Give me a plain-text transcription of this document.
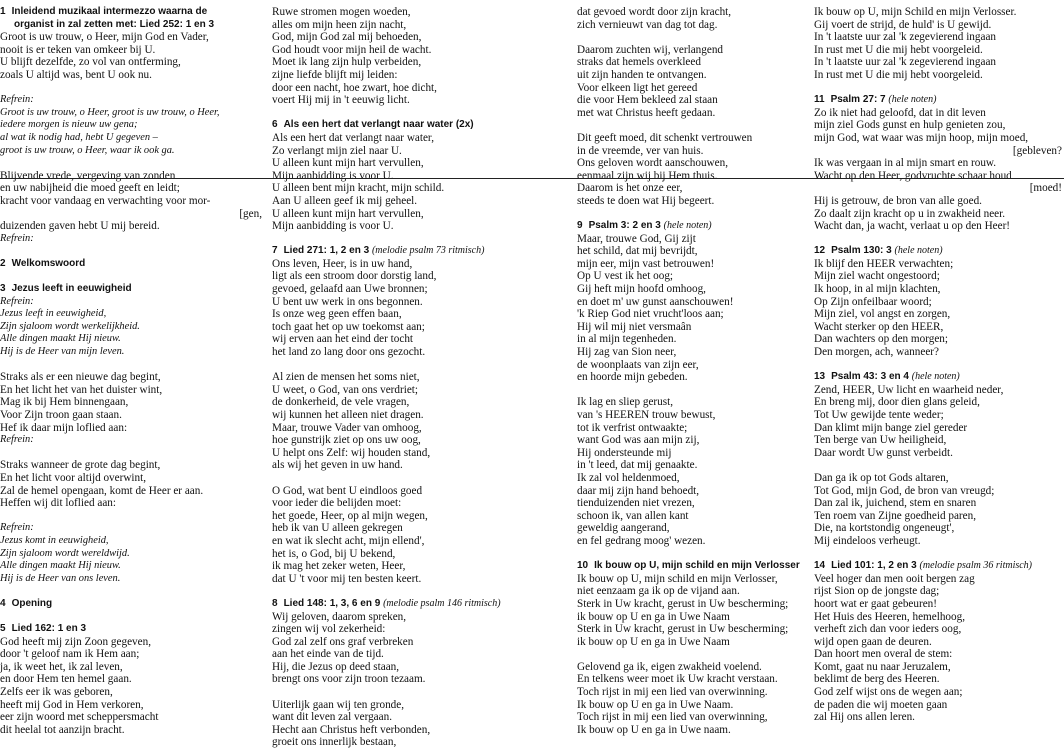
1 Inleidend muzikaal intermezzo waarna de
organist in zal zetten met: Lied 252: 1 en 3
Groot is uw trouw, o Heer, mijn God en Vader,
nooit is er teken van omkeer bij U.
U blijft dezelfde, zo vol van ontferming,
zoals U altijd was, bent U ook nu.
Refrein:
Groot is uw trouw, o Heer, groot is uw trouw, o Heer,
iedere morgen is nieuw uw gena;
al wat ik nodig had, hebt U gegeven –
groot is uw trouw, o Heer, waar ik ook ga.
Blijvende vrede, vergeving van zonden
en uw nabijheid die moed geeft en leidt;
kracht voor vandaag en verwachting voor mor-
[gen,
duizenden gaven hebt U mij bereid.
Refrein:
2 Welkomswoord
3 Jezus leeft in eeuwigheid
Refrein:
Jezus leeft in eeuwigheid,
Zijn sjaloom wordt werkelijkheid.
Alle dingen maakt Hij nieuw.
Hij is de Heer van mijn leven.
Straks als er een nieuwe dag begint,
En het licht het van het duister wint,
Mag ik bij Hem binnengaan,
Voor Zijn troon gaan staan.
Hef ik daar mijn loflied aan:
Refrein:
Straks wanneer de grote dag begint,
En het licht voor altijd overwint,
Zal de hemel opengaan, komt de Heer er aan.
Heffen wij dit loflied aan:
Refrein:
Jezus komt in eeuwigheid,
Zijn sjaloom wordt wereldwijd.
Alle dingen maakt Hij nieuw.
Hij is de Heer van ons leven.
4 Opening
5 Lied 162: 1 en 3
God heeft mij zijn Zoon gegeven,
door 't geloof nam ik Hem aan;
ja, ik weet het, ik zal leven,
en door Hem ten hemel gaan.
Zelfs eer ik was geboren,
heeft mij God in Hem verkoren,
eer zijn woord met scheppersmacht
dit heelal tot aanzijn bracht.
Ruwe stromen mogen woeden,
alles om mijn heen zijn nacht,
God, mijn God zal mij behoeden,
God houdt voor mijn heil de wacht.
Moet ik lang zijn hulp verbeiden,
zijne liefde blijft mij leiden:
door een nacht, hoe zwart, hoe dicht,
voert Hij mij in 't eeuwig licht.
6 Als een hert dat verlangt naar water (2x)
Als een hert dat verlangt naar water,
Zo verlangt mijn ziel naar U.
U alleen kunt mijn hart vervullen,
Mijn aanbidding is voor U.
U alleen bent mijn kracht, mijn schild.
Aan U alleen geef ik mij geheel.
U alleen kunt mijn hart vervullen,
Mijn aanbidding is voor U.
7 Lied 271: 1, 2 en 3 (melodie psalm 73 ritmisch)
Ons leven, Heer, is in uw hand,
ligt als een stroom door dorstig land,
gevoed, gelaafd aan Uwe bronnen;
U bent uw werk in ons begonnen.
Is onze weg geen effen baan,
toch gaat het op uw toekomst aan;
wij erven aan het eind der tocht
het land zo lang door ons gezocht.
Al zien de mensen het soms niet,
U weet, o God, van ons verdriet;
de donkerheid, de vele vragen,
wij kunnen het alleen niet dragen.
Maar, trouwe Vader van omhoog,
hoe gunstrijk ziet op ons uw oog,
U helpt ons Zelf: wij houden stand,
als wij het geven in uw hand.
O God, wat bent U eindloos goed
voor ieder die belijden moet:
het goede, Heer, op al mijn wegen,
heb ik van U alleen gekregen
en wat ik slecht acht, mijn ellend',
het is, o God, bij U bekend,
ik mag het zeker weten, Heer,
dat U 't voor mij ten besten keert.
8 Lied 148: 1, 3, 6 en 9 (melodie psalm 146 ritmisch)
Wij geloven, daarom spreken,
zingen wij vol zekerheid:
God zal zelf ons graf verbreken
aan het einde van de tijd.
Hij, die Jezus op deed staan,
brengt ons voor zijn troon tezaam.
Uiterlijk gaan wij ten gronde,
want dit leven zal vergaan.
Hecht aan Christus heft verbonden,
groeit ons innerlijk bestaan,
dat gevoed wordt door zijn kracht,
zich vernieuwt van dag tot dag.
Daarom zuchten wij, verlangend
straks dat hemels overkleed
uit zijn handen te ontvangen.
Voor elkeen ligt het gereed
die voor Hem bekleed zal staan
met wat Christus heeft gedaan.
Dit geeft moed, dit schenkt vertrouwen
in de vreemde, ver van huis.
Ons geloven wordt aanschouwen,
eenmaal zijn wij bij Hem thuis.
Daarom is het onze eer,
steeds te doen wat Hij begeert.
9 Psalm 3: 2 en 3 (hele noten)
Maar, trouwe God, Gij zijt
het schild, dat mij bevrijdt,
mijn eer, mijn vast betrouwen!
Op U vest ik het oog;
Gij heft mijn hoofd omhoog,
en doet m' uw gunst aanschouwen!
'k Riep God niet vrucht'loos aan;
Hij wil mij niet versmaân
in al mijn tegenheden.
Hij zag van Sion neer,
de woonplaats van zijn eer,
en hoorde mijn gebeden.
Ik lag en sliep gerust,
van 's HEEREN trouw bewust,
tot ik verfrist ontwaakte;
want God was aan mijn zij,
Hij ondersteunde mij
in 't leed, dat mij genaakte.
Ik zal vol heldenmoed,
daar mij zijn hand behoedt,
tienduizenden niet vrezen,
schoon ik, van allen kant
geweldig aangerand,
en fel gedrang moog' wezen.
10 Ik bouw op U, mijn schild en mijn Verlosser
Ik bouw op U, mijn schild en mijn Verlosser,
niet eenzaam ga ik op de vijand aan.
Sterk in Uw kracht, gerust in Uw bescherming;
ik bouw op U en ga in Uwe Naam
Sterk in Uw kracht, gerust in Uw bescherming;
ik bouw op U en ga in Uwe Naam
Gelovend ga ik, eigen zwakheid voelend.
En telkens weer moet ik Uw kracht verstaan.
Toch rijst in mij een lied van overwinning.
Ik bouw op U en ga in Uwe Naam.
Toch rijst in mij een lied van overwinning,
Ik bouw op U en ga in Uwe naam.
Ik bouw op U, mijn Schild en mijn Verlosser.
Gij voert de strijd, de huld' is U gewijd.
In 't laatste uur zal 'k zegevierend ingaan
In rust met U die mij hebt voorgeleid.
In 't laatste uur zal 'k zegevierend ingaan
In rust met U die mij hebt voorgeleid.
11 Psalm 27: 7 (hele noten)
Zo ik niet had geloofd, dat in dit leven
mijn ziel Gods gunst en hulp genieten zou,
mijn God, wat waar was mijn hoop, mijn moed,
[gebleven?
Ik was vergaan in al mijn smart en rouw.
Wacht op den Heer, godvruchte schaar houd
[moed!
Hij is getrouw, de bron van alle goed.
Zo daalt zijn kracht op u in zwakheid neer.
Wacht dan, ja wacht, verlaat u op den Heer!
12 Psalm 130: 3 (hele noten)
Ik blijf den HEER verwachten;
Mijn ziel wacht ongestoord;
Ik hoop, in al mijn klachten,
Op Zijn onfeilbaar woord;
Mijn ziel, vol angst en zorgen,
Wacht sterker op den HEER,
Dan wachters op den morgen;
Den morgen, ach, wanneer?
13 Psalm 43: 3 en 4 (hele noten)
Zend, HEER, Uw licht en waarheid neder,
En breng mij, door dien glans geleid,
Tot Uw gewijde tente weder;
Dan klimt mijn bange ziel gereder
Ten berge van Uw heiligheid,
Daar wordt Uw gunst verbeidt.
Dan ga ik op tot Gods altaren,
Tot God, mijn God, de bron van vreugd;
Dan zal ik, juichend, stem en snaren
Ten roem van Zijne goedheid paren,
Die, na kortstondig ongeneugt',
Mij eindeloos verheugt.
14 Lied 101: 1, 2 en 3 (melodie psalm 36 ritmisch)
Veel hoger dan men ooit bergen zag
rijst Sion op de jongste dag;
hoort wat er gaat gebeuren!
Het Huis des Heeren, hemelhoog,
verheft zich dan voor ieders oog,
wijd open gaan de deuren.
Dan hoort men overal de stem:
Komt, gaat nu naar Jeruzalem,
beklimt de berg des Heeren.
God zelf wijst ons de wegen aan;
de paden die wij moeten gaan
zal Hij ons allen leren.
